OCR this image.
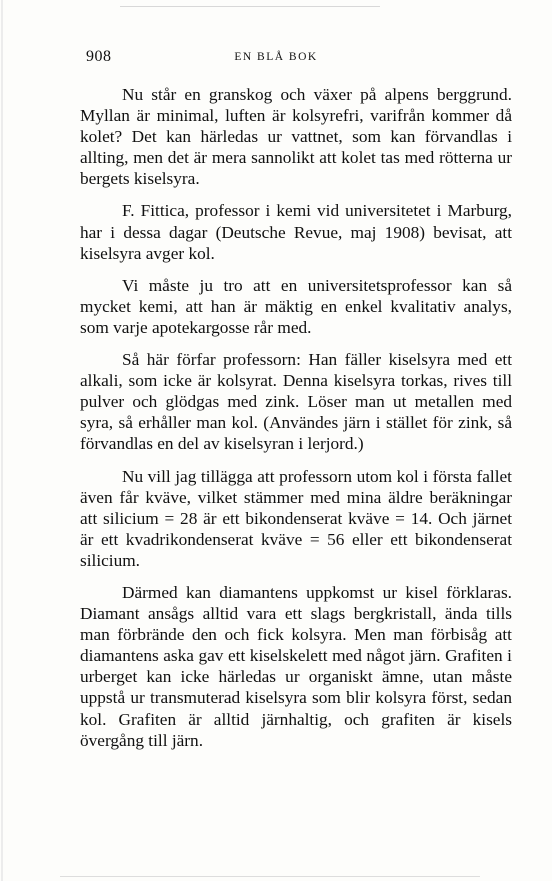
908	EN BLÅ BOK

Nu står en granskog och växer på alpens berggrund. Myllan är minimal, luften är kolsyrefri, varifrån kommer då kolet? Det kan härledas ur vattnet, som kan förvandlas i allting, men det är mera sannolikt att kolet tas med rötterna ur bergets kiselsyra.

F. Fittica, professor i kemi vid universitetet i Marburg, har i dessa dagar (Deutsche Revue, maj 1908) bevisat, att kiselsyra avger kol.

Vi måste ju tro att en universitetsprofessor kan så mycket kemi, att han är mäktig en enkel kvalitativ analys, som varje apotekargosse rår med.

Så här förfar professorn: Han fäller kiselsyra med ett alkali, som icke är kolsyrat. Denna kiselsyra torkas, rives till pulver och glödgas med zink. Löser man ut metallen med syra, så erhåller man kol. (Användes järn i stället för zink, så förvandlas en del av kiselsyran i lerjord.)

Nu vill jag tillägga att professorn utom kol i första fallet även får kväve, vilket stämmer med mina äldre beräkningar att silicium = 28 är ett bikondenserat kväve = 14. Och järnet är ett kvadrikondenserat kväve = 56 eller ett bikondenserat silicium.

Därmed kan diamantens uppkomst ur kisel förklaras. Diamant ansågs alltid vara ett slags bergkristall, ända tills man förbrände den och fick kolsyra. Men man förbisåg att diamantens aska gav ett kiselskelett med något järn. Grafiten i urberget kan icke härledas ur organiskt ämne, utan måste uppstå ur transmuterad kiselsyra som blir kolsyra först, sedan kol. Grafiten är alltid järnhaltig, och grafiten är kisels övergång till järn.
